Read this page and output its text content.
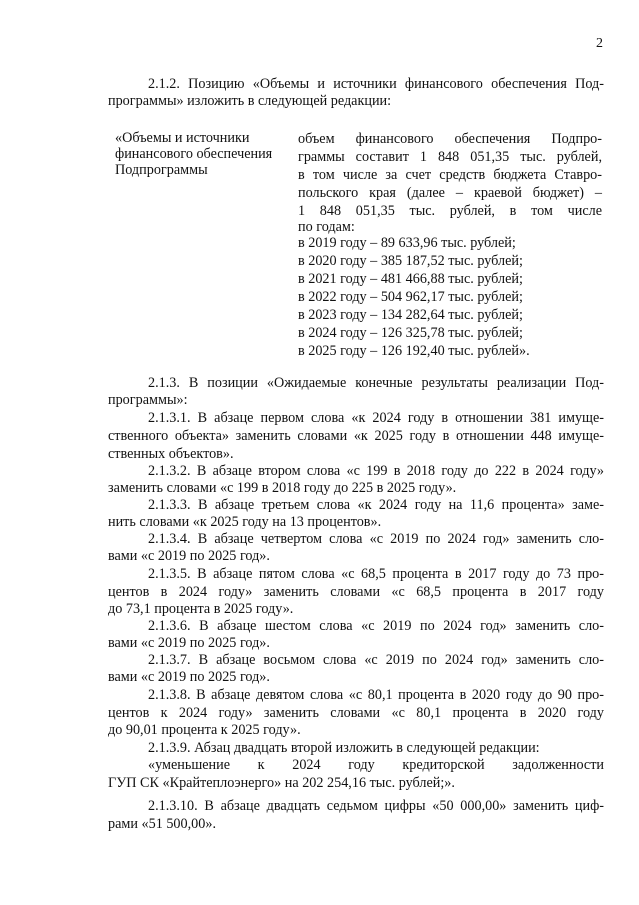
2
2.1.2. Позицию «Объемы и источники финансового обеспечения Под-
программы» изложить в следующей редакции:
«Объемы и источники
финансового обеспечения
Подпрограммы
объем финансового обеспечения Подпро-
граммы составит 1 848 051,35 тыс. рублей,
в том числе за счет средств бюджета Ставро-
польского края (далее – краевой бюджет) –
1 848 051,35 тыс. рублей, в том числе
по годам:
в 2019 году – 89 633,96 тыс. рублей;
в 2020 году – 385 187,52 тыс. рублей;
в 2021 году – 481 466,88 тыс. рублей;
в 2022 году – 504 962,17 тыс. рублей;
в 2023 году – 134 282,64 тыс. рублей;
в 2024 году – 126 325,78 тыс. рублей;
в 2025 году – 126 192,40 тыс. рублей».
2.1.3. В позиции «Ожидаемые конечные результаты реализации Под-
программы»:
2.1.3.1. В абзаце первом слова «к 2024 году в отношении 381 имуще-
ственного объекта» заменить словами «к 2025 году в отношении 448 имуще-
ственных объектов».
2.1.3.2. В абзаце втором слова «с 199 в 2018 году до 222 в 2024 году»
заменить словами «с 199 в 2018 году до 225 в 2025 году».
2.1.3.3. В абзаце третьем слова «к 2024 году на 11,6 процента» заме-
нить словами «к 2025 году на 13 процентов».
2.1.3.4. В абзаце четвертом слова «с 2019 по 2024 год» заменить сло-
вами «с 2019 по 2025 год».
2.1.3.5. В абзаце пятом слова «с 68,5 процента в 2017 году до 73 про-
центов в 2024 году» заменить словами «с 68,5 процента в 2017 году
до 73,1 процента в 2025 году».
2.1.3.6. В абзаце шестом слова «с 2019 по 2024 год» заменить сло-
вами «с 2019 по 2025 год».
2.1.3.7. В абзаце восьмом слова «с 2019 по 2024 год» заменить сло-
вами «с 2019 по 2025 год».
2.1.3.8. В абзаце девятом слова «с 80,1 процента в 2020 году до 90 про-
центов к 2024 году» заменить словами «с 80,1 процента в 2020 году
до 90,01 процента к 2025 году».
2.1.3.9. Абзац двадцать второй изложить в следующей редакции:
«уменьшение к 2024 году кредиторской задолженности
ГУП СК «Крайтеплоэнерго» на 202 254,16 тыс. рублей;».
2.1.3.10. В абзаце двадцать седьмом цифры «50 000,00» заменить циф-
рами «51 500,00».
